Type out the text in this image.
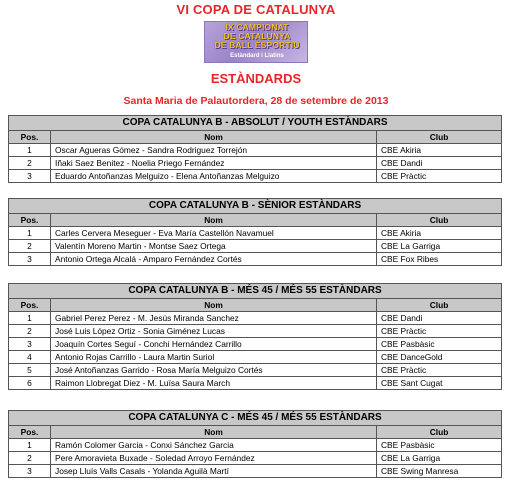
VI COPA DE CATALUNYA
IX CAMPIONAT
DE CATALUNYA
DE BALL ESPORTIU
Estàndard i Llatins
ESTÀNDARDS
Santa Maria de Palautordera, 28 de setembre de 2013
COPA CATALUNYA B - ABSOLUT / YOUTH ESTÀNDARS		
Pos.	Nom	Club
1	Oscar Agueras Gómez - Sandra Rodriguez Torrejón	CBE Akiria
2	Iñaki Saez Benitez - Noelia Priego Fernández	CBE Dandi
3	Eduardo Antoñanzas Melguizo - Elena Antoñanzas Melguizo	CBE Pràctic
COPA CATALUNYA B - SÈNIOR ESTÀNDARS		
Pos.	Nom	Club
1	Carles Cervera Meseguer - Eva María Castellón Navamuel	CBE Akiria
2	Valentín Moreno Martin - Montse Saez Ortega	CBE La Garriga
3	Antonio Ortega Alcalá - Amparo Fernández Cortés	CBE Fox Ribes
COPA CATALUNYA B - MÉS 45 / MÉS 55 ESTÀNDARS		
Pos.	Nom	Club
1	Gabriel Perez Perez - M. Jesús Miranda Sanchez	CBE Dandi
2	José Luis López Ortiz - Sonia Giménez Lucas	CBE Pràctic
3	Joaquín Cortes Seguí - Conchi Hernández Carrillo	CBE Pasbàsic
4	Antonio Rojas Carrillo - Laura Martin Suriol	CBE DanceGold
5	José Antoñanzas Garrido - Rosa María Melguizo Cortés	CBE Pràctic
6	Raimon Llobregat Diez - M. Luïsa Saura March	CBE Sant Cugat
COPA CATALUNYA C - MÉS 45 / MÉS 55 ESTÀNDARS		
Pos.	Nom	Club
1	Ramón Colomer Garcia - Conxi Sánchez Garcia	CBE Pasbàsic
2	Pere Amoravieta Buxade - Soledad Arroyo Fernández	CBE La Garriga
3	Josep Lluís Valls Casals - Yolanda Aguilà Martí	CBE Swing Manresa
